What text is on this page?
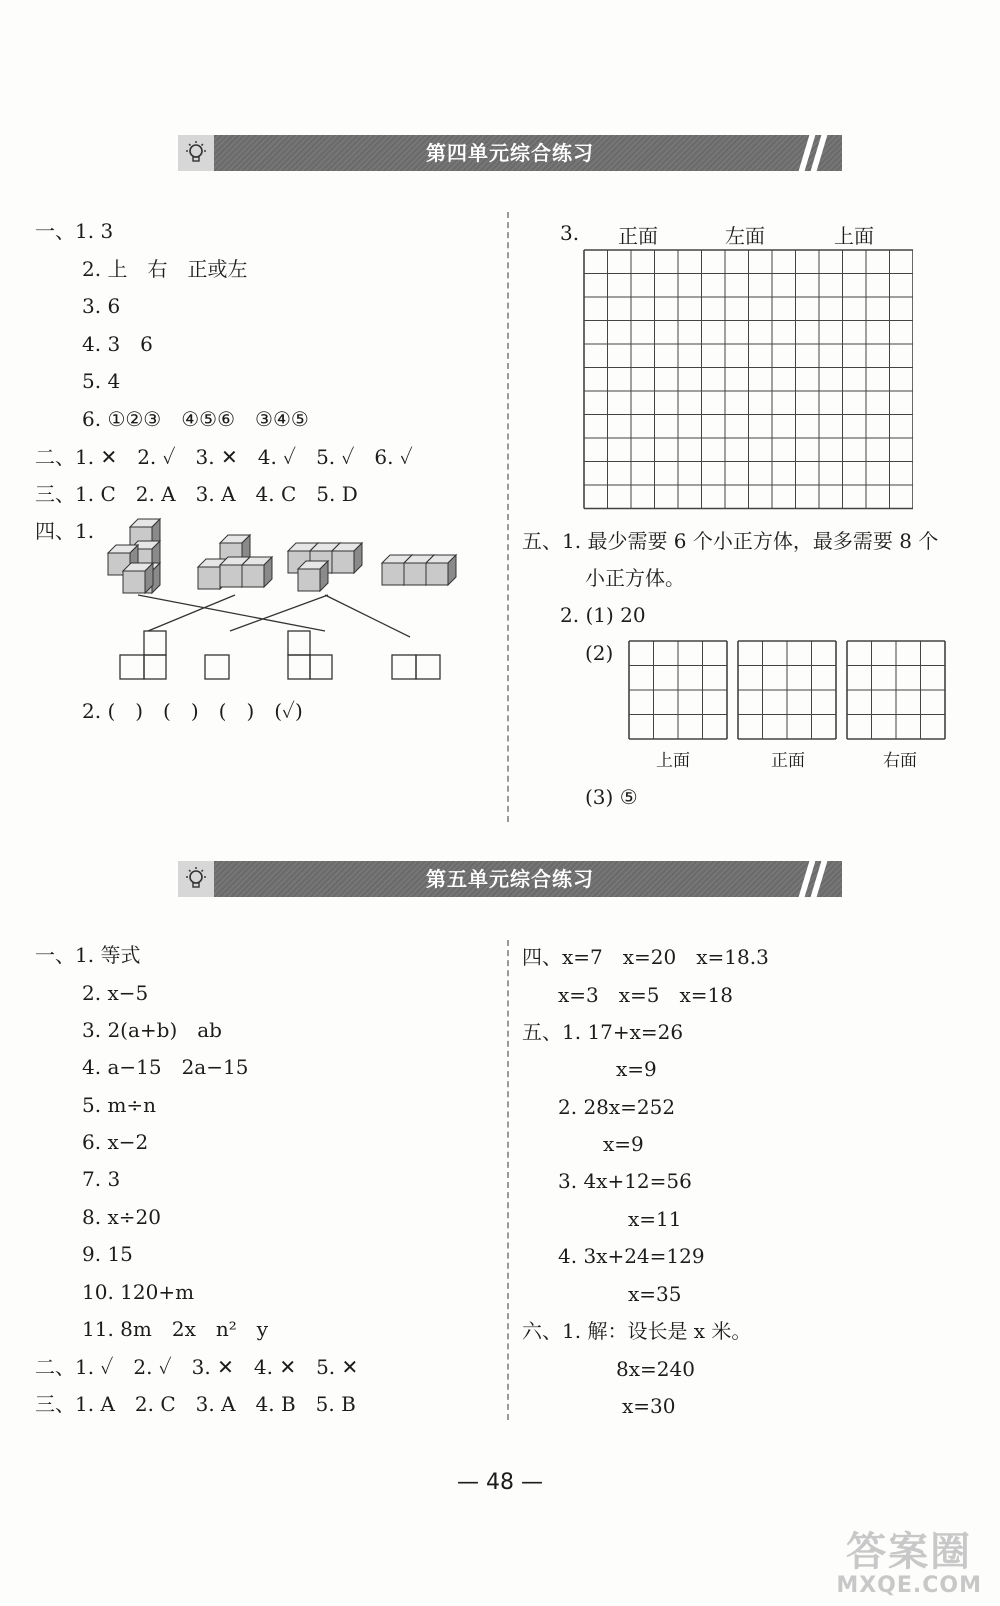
第四单元综合练习
一、1. 3
2. 上　右　正或左
3. 6
4. 3　6
5. 4
6. ①②③　④⑤⑥　③④⑤
二、1. ✕　2. ✓　3. ✕　4. ✓　5. ✓　6. ✓
三、1. C　2. A　3. A　4. C　5. D
四、1.
2. (　)　(　)　(　)　(✓)
3. 正面	左面	上面
五、1. 最少需要 6 个小正方体，最多需要 8 个
小正方体。
2. (1) 20
(2)
上面	正面	右面
(3) ⑤
第五单元综合练习
一、1. 等式
2. x−5
3. 2(a+b)　ab
4. a−15　2a−15
5. m÷n
6. x−2
7. 3
8. x÷20
9. 15
10. 120+m
11. 8m　2x　n²　y
二、1. ✓　2. ✓　3. ✕　4. ✕　5. ✕
三、1. A　2. C　3. A　4. B　5. B
四、x=7　x=20　x=18.3
x=3　x=5　x=18
五、1. 17+x=26
x=9
2. 28x=252
x=9
3. 4x+12=56
x=11
4. 3x+24=129
x=35
六、1. 解：设长是 x 米。
8x=240
x=30
— 48 —
答案圈
MXQE.COM
